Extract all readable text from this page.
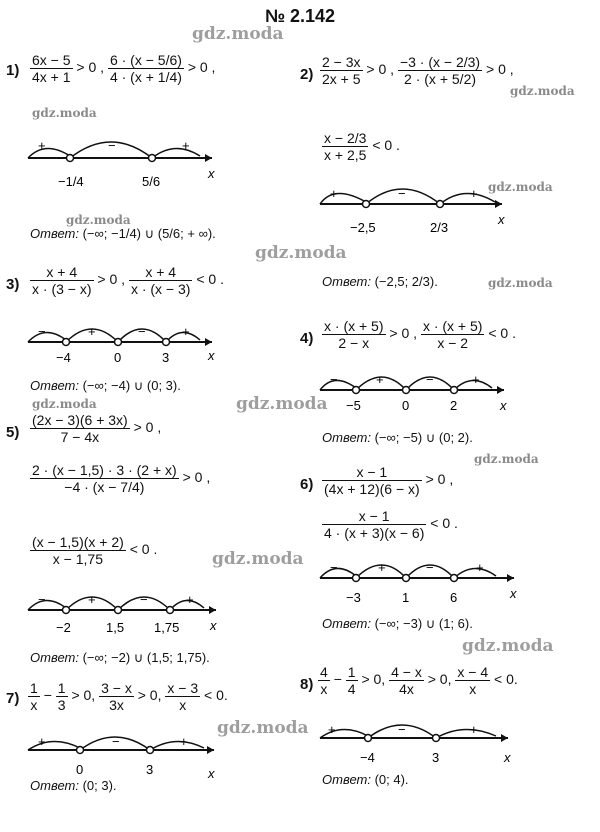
№ 2.142
gdz.moda
gdz.moda
gdz.moda
gdz.moda
gdz.moda
gdz.moda
gdz.moda
gdz.moda	gdz.moda
gdz.moda
gdz.moda
gdz.moda
gdz.moda
$1) \frac{6x - 5}{4x + 1} > 0$ , $\frac{6 \cdot (x - 5/6)}{4 \cdot (x + 1/4)} > 0$ ,
+	−	+
−1/4	5/6
x
Ответ: (−∞; −1/4) ∪ (5/6; + ∞).
$2) \frac{2 - 3x}{2x + 5} > 0$ , $\frac{-3 \cdot (x - 2/3)}{2 \cdot (x + 5/2)} > 0$ ,
$\frac{x - 2/3}{x + 2,5} < 0$ .
+	−	+
−2,5	2/3
x
Ответ: (−2,5; 2/3).
$3) \frac{x + 4}{x \cdot (3 - x)} > 0$ , $\frac{x + 4}{x \cdot (x - 3)} < 0$ .
−	+	−	+
−4	0	3	x
Ответ: (−∞; −4) ∪ (0; 3).
$4) \frac{x \cdot (x + 5)}{2 - x} > 0$ , $\frac{x \cdot (x + 5)}{x - 2} < 0$ .
−	+	−	+
−5	0	2	x
Ответ: (−∞; −5) ∪ (0; 2).
$5) \frac{(2x - 3)(6 + 3x)}{7 - 4x} > 0$ ,
$\frac{2 \cdot (x - 1,5) \cdot 3 \cdot (2 + x)}{-4 \cdot (x - 7/4)} > 0$ ,
$\frac{(x - 1,5)(x + 2)}{x - 1,75} < 0$ .
−	+	−	+
−2	1,5 1,75 x
Ответ: (−∞; −2) ∪ (1,5; 1,75).
$6) \frac{x - 1}{(4x + 12)(6 - x)} > 0$ ,
$\frac{x - 1}{4 \cdot (x + 3)(x - 6)} < 0$ .
−	+	−	+
−3	1	6	x
Ответ: (−∞; −3) ∪ (1; 6).
$7) \frac{1}{x} - \frac{1}{3} > 0$, $\frac{3 - x}{3x} > 0$, $\frac{x - 3}{x} < 0$.
+	−	+
0	3	x
Ответ: (0; 3).
$8) \frac{4}{x} - \frac{1}{4} > 0$, $\frac{4 - x}{4x} > 0$, $\frac{x - 4}{x} < 0$.
+	−	+
−4	3	x
Ответ: (0; 4).
